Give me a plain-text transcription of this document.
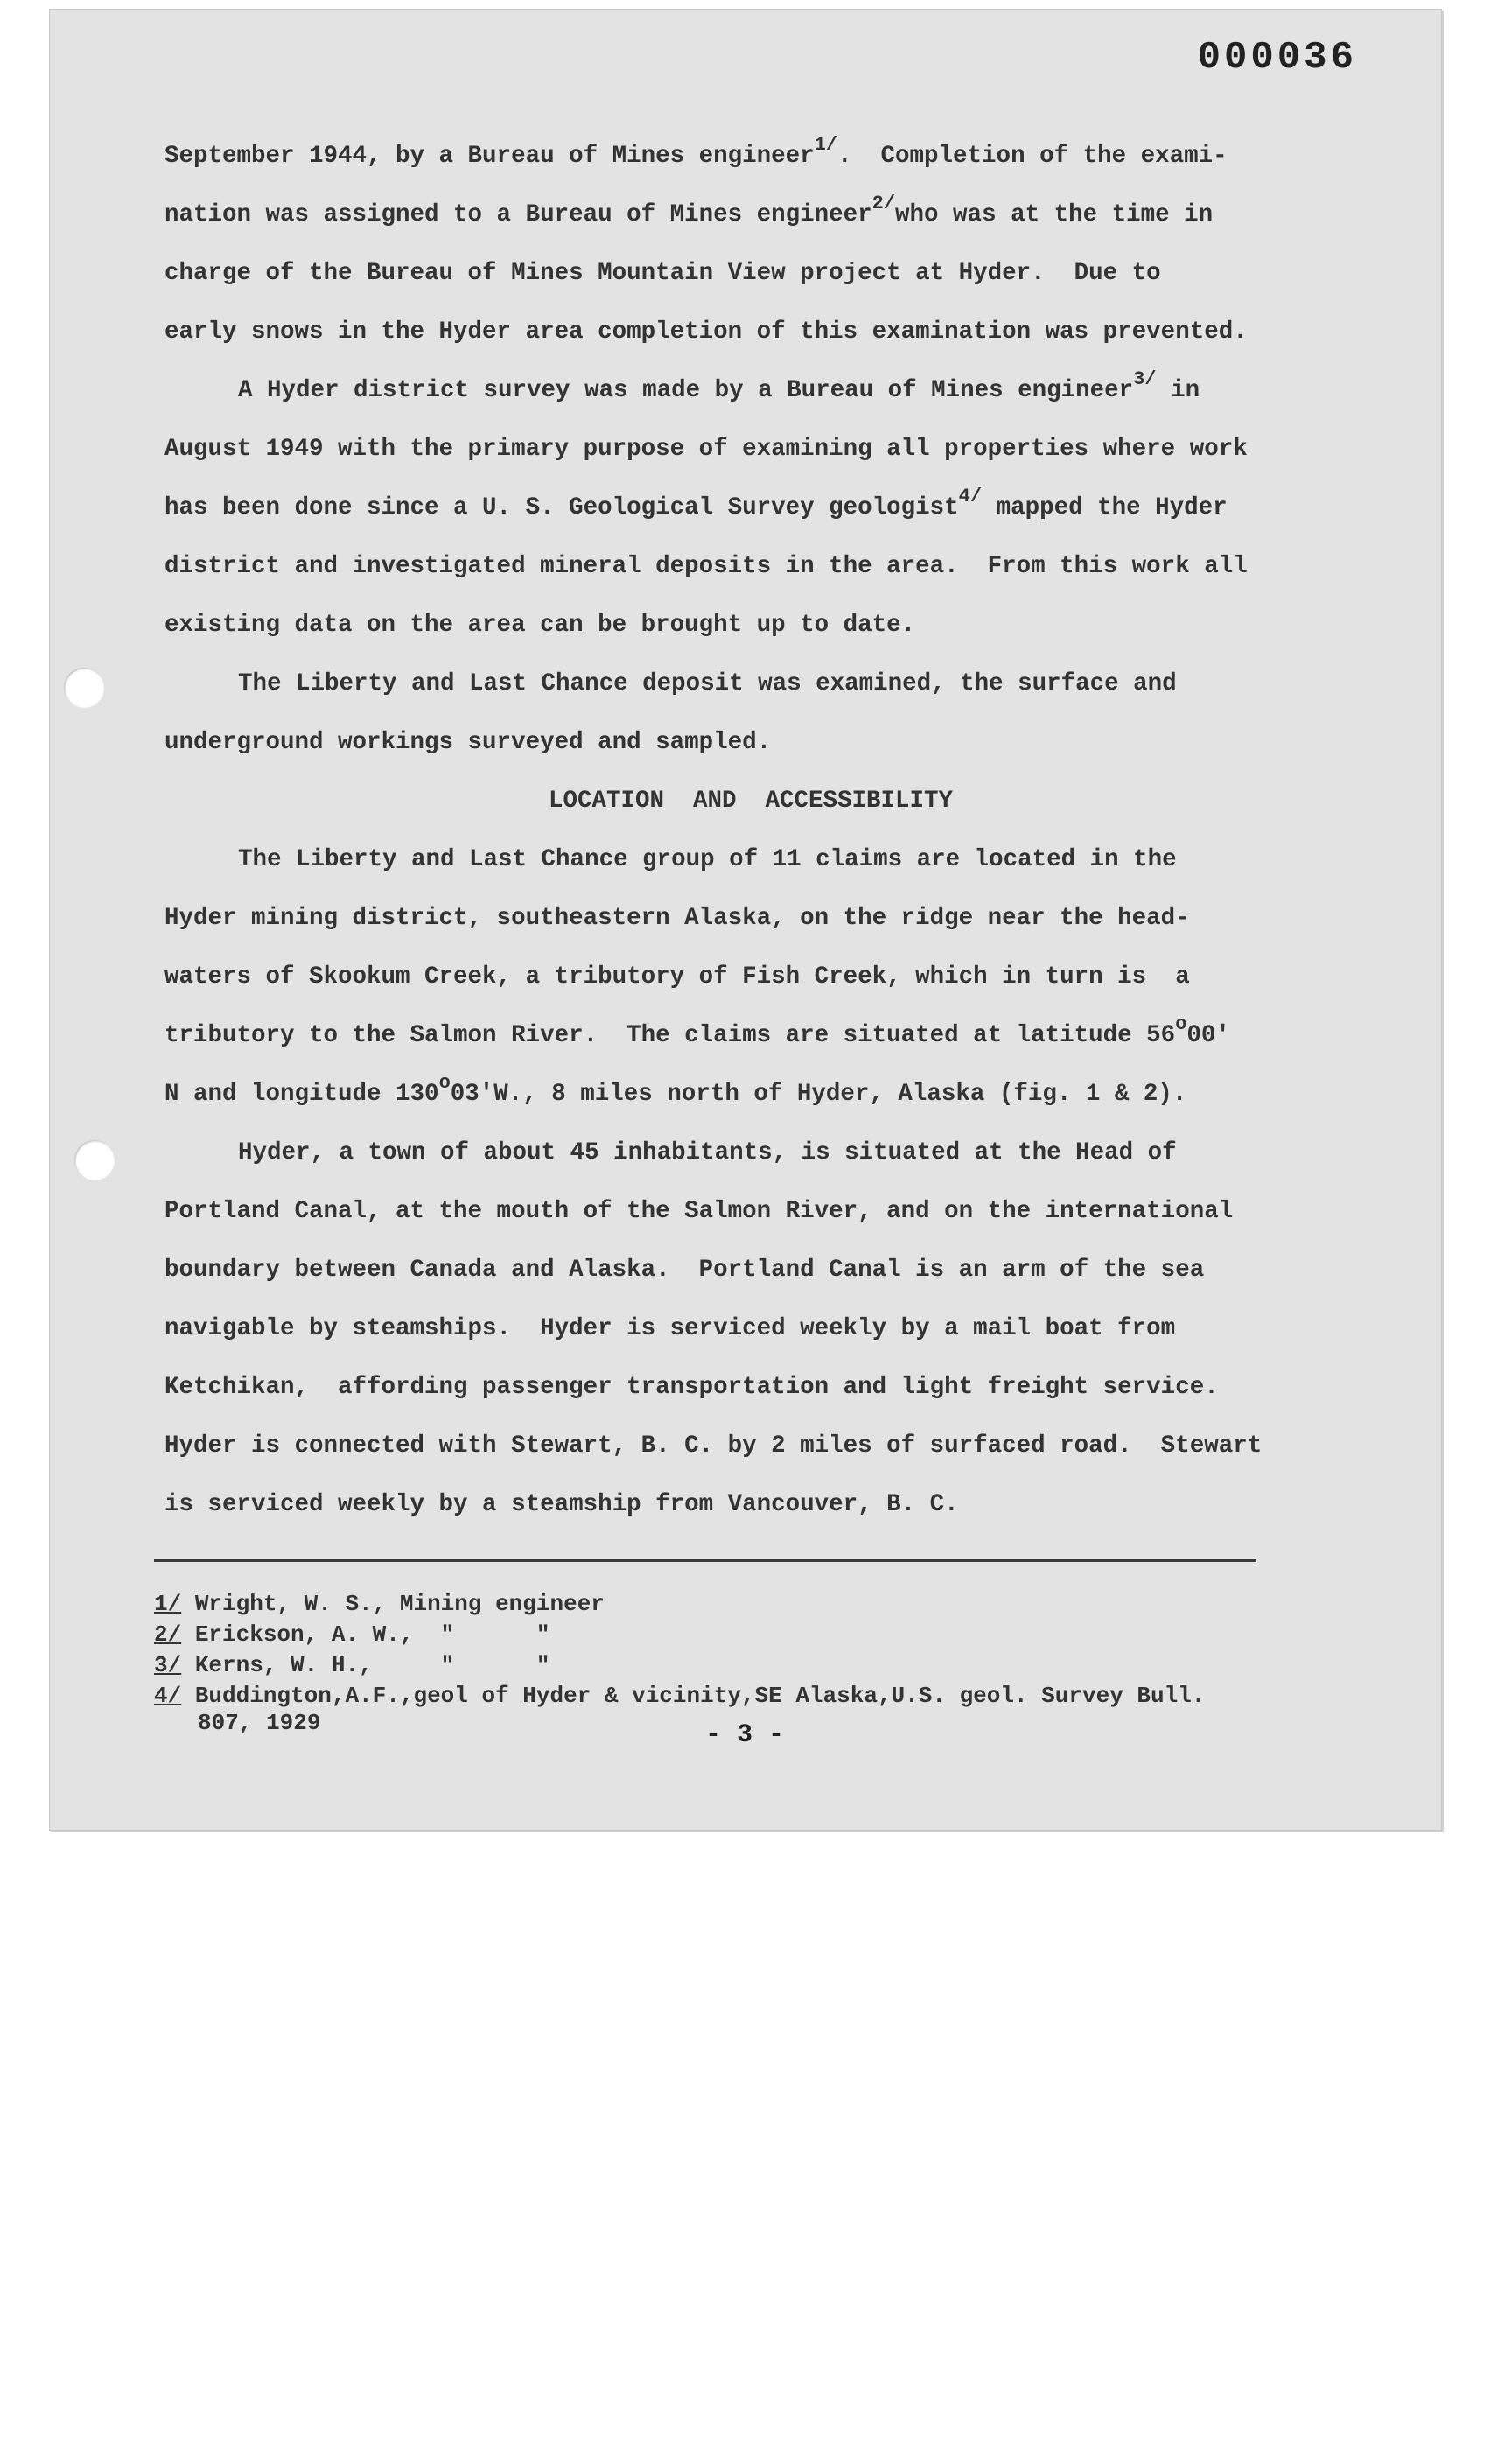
000036
September 1944, by a Bureau of Mines engineer$^{1/}$.  Completion of the exami-
nation was assigned to a Bureau of Mines engineer$^{2/}$who was at the time in
charge of the Bureau of Mines Mountain View project at Hyder.  Due to
early snows in the Hyder area completion of this examination was prevented.
A Hyder district survey was made by a Bureau of Mines engineer$^{3/}$ in
August 1949 with the primary purpose of examining all properties where work
has been done since a U. S. Geological Survey geologist$^{4/}$ mapped the Hyder
district and investigated mineral deposits in the area.  From this work all
existing data on the area can be brought up to date.
The Liberty and Last Chance deposit was examined, the surface and
underground workings surveyed and sampled.
LOCATION  AND  ACCESSIBILITY
The Liberty and Last Chance group of 11 claims are located in the
Hyder mining district, southeastern Alaska, on the ridge near the head-
waters of Skookum Creek, a tributory of Fish Creek, which in turn is  a
tributory to the Salmon River.  The claims are situated at latitude 56$^o$00'
N and longitude 130$^o$03'W., 8 miles north of Hyder, Alaska (fig. 1 & 2).
Hyder, a town of about 45 inhabitants, is situated at the Head of
Portland Canal, at the mouth of the Salmon River, and on the international
boundary between Canada and Alaska.  Portland Canal is an arm of the sea
navigable by steamships.  Hyder is serviced weekly by a mail boat from
Ketchikan,  affording passenger transportation and light freight service.
Hyder is connected with Stewart, B. C. by 2 miles of surfaced road.  Stewart
is serviced weekly by a steamship from Vancouver, B. C.
1/ Wright, W. S., Mining engineer
2/ Erickson, A. W.,  "      "
3/ Kerns, W. H.,     "      "
4/ Buddington,A.F.,geol of Hyder & vicinity,SE Alaska,U.S. geol. Survey Bull.
807, 1929	- 3 -
